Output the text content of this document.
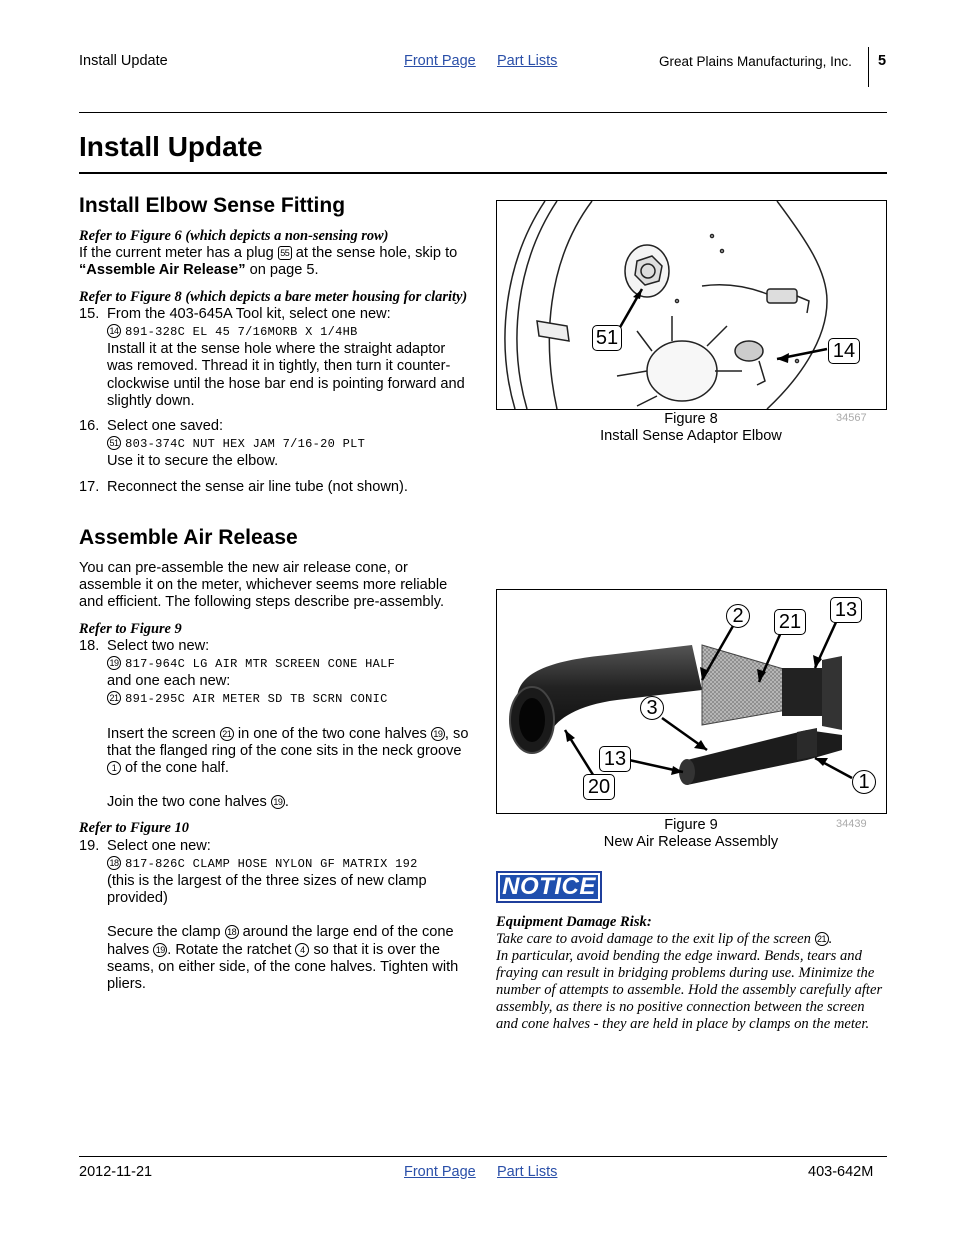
Install Update	Front Page Part Lists	Great Plains Manufacturing, Inc. 5
Install Update
Install Elbow Sense Fitting
Refer to Figure 6 (which depicts a non-sensing row)
If the current meter has a plug 55 at the sense hole, skip to “Assemble Air Release” on page 5.
Refer to Figure 8 (which depicts a bare meter housing for clarity)
15. From the 403-645A Tool kit, select one new:
14 891-328C EL 45 7/16MORB X 1/4HB
Install it at the sense hole where the straight adaptor was removed. Thread it in tightly, then turn it counter-clockwise until the hose bar end is pointing forward and slightly down.
16. Select one saved:
51 803-374C NUT HEX JAM 7/16-20 PLT
Use it to secure the elbow.
17. Reconnect the sense air line tube (not shown).
Assemble Air Release
You can pre-assemble the new air release cone, or assemble it on the meter, whichever seems more reliable and efficient. The following steps describe pre-assembly.
Refer to Figure 9
18. Select two new:
19 817-964C LG AIR MTR SCREEN CONE HALF
and one each new:
21 891-295C AIR METER SD TB SCRN CONIC
Insert the screen 21 in one of the two cone halves 19 , so that the flanged ring of the cone sits in the neck groove 1 of the cone half.
Join the two cone halves 19 .
Refer to Figure 10
19. Select one new:
18 817-826C CLAMP HOSE NYLON GF MATRIX 192
(this is the largest of the three sizes of new clamp provided)
Secure the clamp 18 around the large end of the cone halves 19 . Rotate the ratchet 4 so that it is over the seams, on either side, of the cone halves. Tighten with pliers.
51
14
Figure 8
Install Sense Adaptor Elbow
34567
2	21
13
3
13
20	1
Figure 9
New Air Release Assembly
34439
NOTICE
Equipment Damage Risk:
Take care to avoid damage to the exit lip of the screen 21 .
In particular, avoid bending the edge inward. Bends, tears and fraying can result in bridging problems during use. Minimize the number of attempts to assemble. Hold the assembly carefully after assembly, as there is no positive connection between the screen and cone halves - they are held in place by clamps on the meter.
2012-11-21	Front Page Part Lists	403-642M
